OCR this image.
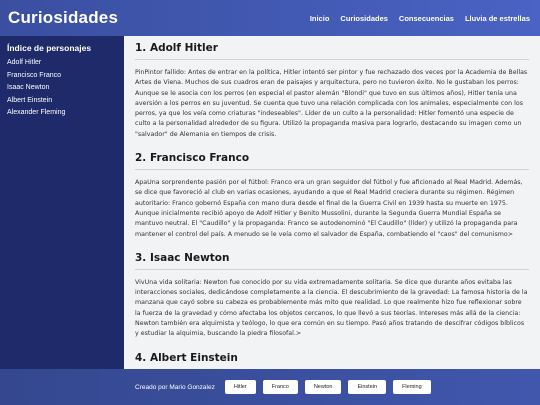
Curiosidades	Inicio Curiosidades Consecuencias Lluvia de estrellas
Índice de personajes
Adolf Hitler
Francisco Franco
Isaac Newton
Albert Einstein
Alexander Fleming
1. Adolf Hitler

PinPintor fallido: Antes de entrar en la política, Hitler intentó ser pintor y fue rechazado dos veces por la Academia de Bellas Artes de Viena. Muchos de sus cuadros eran de paisajes y arquitectura, pero no tuvieron éxito. No le gustaban los perros: Aunque se le asocia con los perros (en especial el pastor alemán "Blondi" que tuvo en sus últimos años), Hitler tenía una aversión a los perros en su juventud. Se cuenta que tuvo una relación complicada con los animales, especialmente con los perros, ya que los veía como criaturas "indeseables". Líder de un culto a la personalidad: Hitler fomentó una especie de culto a la personalidad alrededor de su figura. Utilizó la propaganda masiva para lograrlo, destacando su imagen como un "salvador" de Alemania en tiempos de crisis.

2. Francisco Franco

ApaUna sorprendente pasión por el fútbol: Franco era un gran seguidor del fútbol y fue aficionado al Real Madrid. Además, se dice que favoreció al club en varias ocasiones, ayudando a que el Real Madrid creciera durante su régimen. Régimen autoritario: Franco gobernó España con mano dura desde el final de la Guerra Civil en 1939 hasta su muerte en 1975. Aunque inicialmente recibió apoyo de Adolf Hitler y Benito Mussolini, durante la Segunda Guerra Mundial España se mantuvo neutral. El "Caudillo" y la propaganda: Franco se autodenominó "El Caudillo" (líder) y utilizó la propaganda para mantener el control del país. A menudo se le veía como el salvador de España, combatiendo el "caos" del comunismo>

3. Isaac Newton

VivUna vida solitaria: Newton fue conocido por su vida extremadamente solitaria. Se dice que durante años evitaba las interacciones sociales, dedicándose completamente a la ciencia. El descubrimiento de la gravedad: La famosa historia de la manzana que cayó sobre su cabeza es probablemente más mito que realidad. Lo que realmente hizo fue reflexionar sobre la fuerza de la gravedad y cómo afectaba los objetos cercanos, lo que llevó a sus teorías. Intereses más allá de la ciencia: Newton también era alquimista y teólogo, lo que era común en su tiempo. Pasó años tratando de descifrar códigos bíblicos y estudiar la alquimia, buscando la piedra filosofal.>

4. Albert Einstein

Creado por Mario Gonzalez	Hitler	Franco	Newton	Einstein	Fleming
